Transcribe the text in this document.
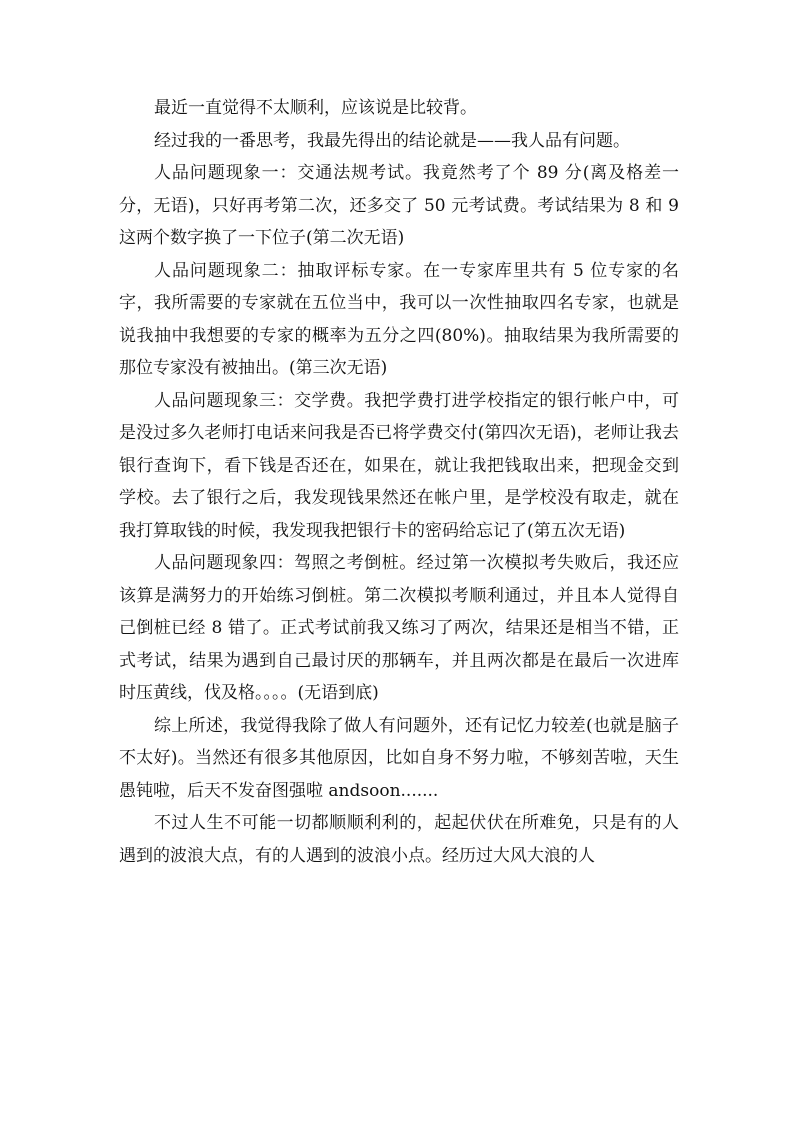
最近一直觉得不太顺利，应该说是比较背。

经过我的一番思考，我最先得出的结论就是——我人品有问题。

人品问题现象一：交通法规考试。我竟然考了个 89 分(离及格差一分，无语)，只好再考第二次，还多交了 50 元考试费。考试结果为 8 和 9 这两个数字换了一下位子(第二次无语)

人品问题现象二：抽取评标专家。在一专家库里共有 5 位专家的名字，我所需要的专家就在五位当中，我可以一次性抽取四名专家，也就是说我抽中我想要的专家的概率为五分之四(80%)。抽取结果为我所需要的那位专家没有被抽出。(第三次无语)

人品问题现象三：交学费。我把学费打进学校指定的银行帐户中，可是没过多久老师打电话来问我是否已将学费交付(第四次无语)，老师让我去银行查询下，看下钱是否还在，如果在，就让我把钱取出来，把现金交到学校。去了银行之后，我发现钱果然还在帐户里，是学校没有取走，就在我打算取钱的时候，我发现我把银行卡的密码给忘记了(第五次无语)

人品问题现象四：驾照之考倒桩。经过第一次模拟考失败后，我还应该算是满努力的开始练习倒桩。第二次模拟考顺利通过，并且本人觉得自己倒桩已经 8 错了。正式考试前我又练习了两次，结果还是相当不错，正式考试，结果为遇到自己最讨厌的那辆车，并且两次都是在最后一次进库时压黄线，伐及格。。。。(无语到底)

综上所述，我觉得我除了做人有问题外，还有记忆力较差(也就是脑子不太好)。当然还有很多其他原因，比如自身不努力啦，不够刻苦啦，天生愚钝啦，后天不发奋图强啦 andsoon.......

不过人生不可能一切都顺顺利利的，起起伏伏在所难免，只是有的人遇到的波浪大点，有的人遇到的波浪小点。经历过大风大浪的人
